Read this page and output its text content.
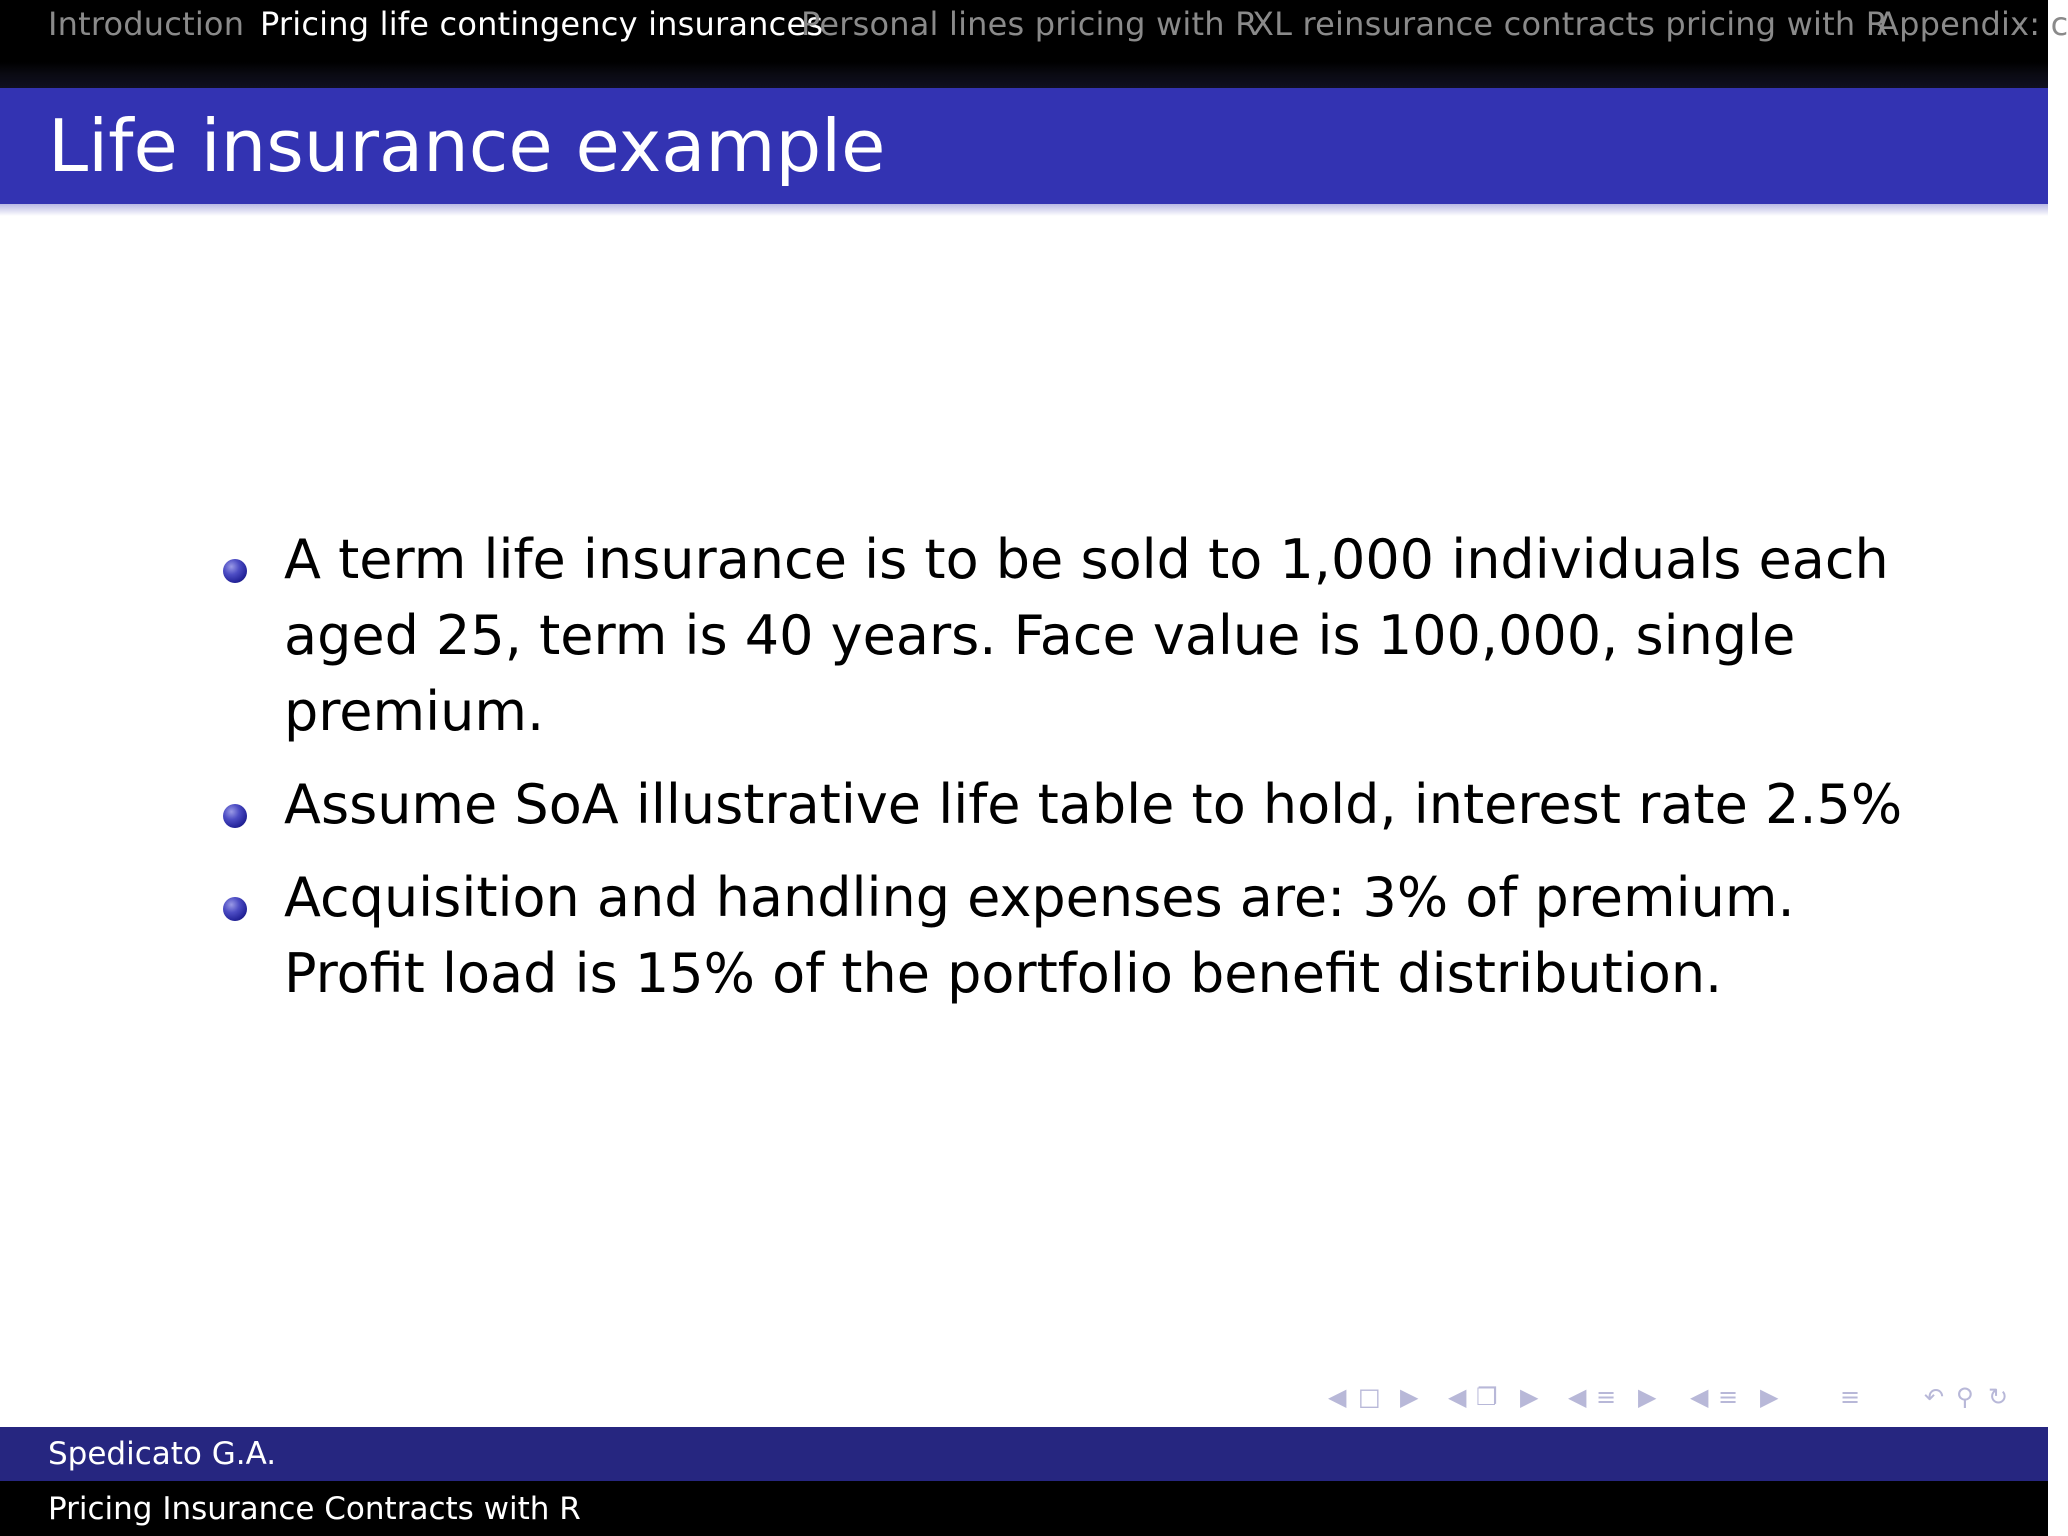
Introduction Pricing life contingency insurances
Personal lines pricing with R
XL reinsurance contracts pricing with R
Appendix: c
Life insurance example
A term life insurance is to be sold to 1,000 individuals each aged 25, term is 40 years. Face value is 100,000, single premium.
Assume SoA illustrative life table to hold, interest rate 2.5%
Acquisition and handling expenses are: 3% of premium. Profit load is 15% of the portfolio benefit distribution.
◀ □ ▶ ◀ ❐ ▶ ◀ ≡ ▶ ◀ ≡ ▶	≡	↶ ⚲ ↻
Spedicato G.A.
Pricing Insurance Contracts with R
